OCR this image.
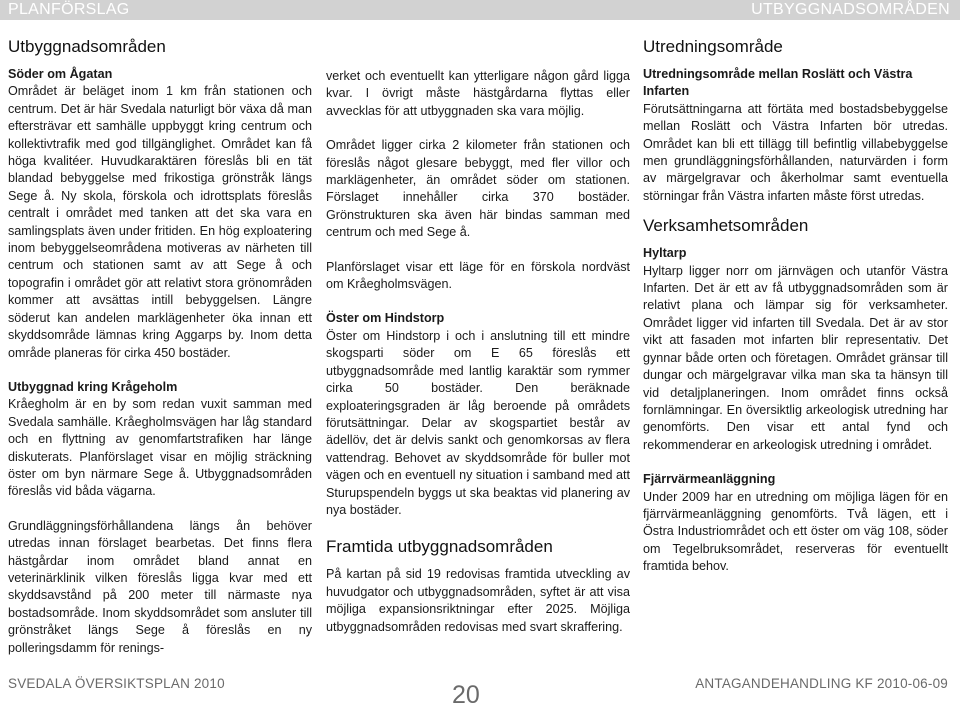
PLANFÖRSLAG	UTBYGGNADSOMRÅDEN
Utbyggnadsområden
Söder om Ågatan

Området är beläget inom 1 km från stationen och centrum. Det är här Svedala naturligt bör växa då man eftersträvar ett samhälle uppbyggt kring centrum och kollektivtrafik med god tillgänglighet. Området kan få höga kvalitéer. Huvudkaraktären föreslås bli en tät blandad bebyggelse med frikostiga grönstråk längs Sege å. Ny skola, förskola och idrottsplats föreslås centralt i området med tanken att det ska vara en samlingsplats även under fritiden. En hög exploatering inom bebyggelseområdena motiveras av närheten till centrum och stationen samt av att Sege å och topografin i området gör att relativt stora grönområden kommer att avsättas intill bebyggelsen. Längre söderut kan andelen marklägenheter öka innan ett skyddsområde lämnas kring Aggarps by. Inom detta område planeras för cirka 450 bostäder.

Utbyggnad kring Krågeholm

Kråegholm är en by som redan vuxit samman med Svedala samhälle. Kråegholmsvägen har låg standard och en flyttning av genomfartstrafiken har länge diskuterats. Planförslaget visar en möjlig sträckning öster om byn närmare Sege å. Utbyggnadsområden föreslås vid båda vägarna.

Grundläggningsförhållandena längs ån behöver utredas innan förslaget bearbetas. Det finns flera hästgårdar inom området bland annat en veterinärklinik vilken föreslås ligga kvar med ett skyddsavstånd på 200 meter till närmaste nya bostadsområde. Inom skyddsområdet som ansluter till grönstråket längs Sege å föreslås en ny polleringsdamm för renings-

verket och eventuellt kan ytterligare någon gård ligga kvar. I övrigt måste hästgårdarna flyttas eller avvecklas för att utbyggnaden ska vara möjlig.

Området ligger cirka 2 kilometer från stationen och föreslås något glesare bebyggt, med fler villor och marklägenheter, än området söder om stationen. Förslaget innehåller cirka 370 bostäder. Grönstrukturen ska även här bindas samman med centrum och med Sege å.

Planförslaget visar ett läge för en förskola nordväst om Kråegholmsvägen.

Öster om Hindstorp

Öster om Hindstorp i och i anslutning till ett mindre skogsparti söder om E 65 föreslås ett utbyggnadsområde med lantlig karaktär som rymmer cirka 50 bostäder. Den beräknade exploateringsgraden är låg beroende på områdets förutsättningar. Delar av skogspartiet består av ädellöv, det är delvis sankt och genomkorsas av flera vattendrag. Behovet av skyddsområde för buller mot vägen och en eventuell ny situation i samband med att Sturupspendeln byggs ut ska beaktas vid planering av nya bostäder.

Framtida utbyggnadsområden

På kartan på sid 19 redovisas framtida utveckling av huvudgator och utbyggnadsområden, syftet är att visa möjliga expansionsriktningar efter 2025. Möjliga utbyggnadsområden redovisas med svart skraffering.

Utredningsområde
Utredningsområde mellan Roslätt och Västra Infarten

Förutsättningarna att förtäta med bostadsbebyggelse mellan Roslätt och Västra Infarten bör utredas. Området kan bli ett tillägg till befintlig villabebyggelse men grundläggningsförhållanden, naturvärden i form av märgelgravar och åkerholmar samt eventuella störningar från Västra infarten måste först utredas.

Verksamhetsområden
Hyltarp

Hyltarp ligger norr om järnvägen och utanför Västra Infarten. Det är ett av få utbyggnadsområden som är relativt plana och lämpar sig för verksamheter. Området ligger vid infarten till Svedala. Det är av stor vikt att fasaden mot infarten blir representativ. Det gynnar både orten och företagen. Området gränsar till dungar och märgelgravar vilka man ska ta hänsyn till vid detaljplaneringen. Inom området finns också fornlämningar. En översiktlig arkeologisk utredning har genomförts. Den visar ett antal fynd och rekommenderar en arkeologisk utredning i området.

Fjärrvärmeanläggning

Under 2009 har en utredning om möjliga lägen för en fjärrvärmeanläggning genomförts. Två lägen, ett i Östra Industriområdet och ett öster om väg 108, söder om Tegelbruksområdet, reserveras för eventuellt framtida behov.

SVEDALA ÖVERSIKTSPLAN 2010	20	ANTAGANDEHANDLING KF 2010-06-09
